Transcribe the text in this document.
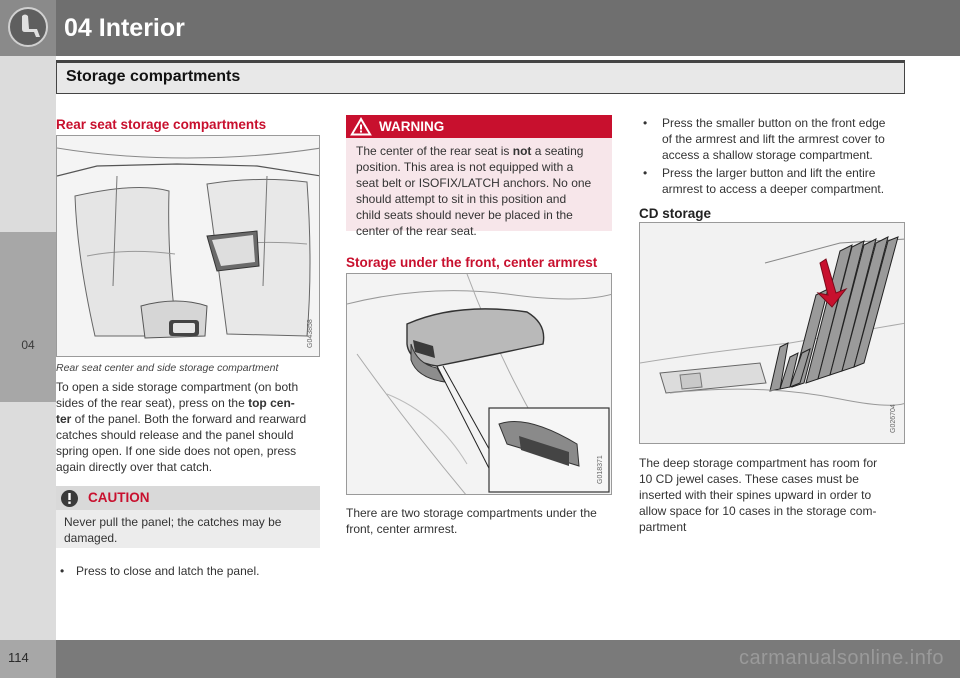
04 Interior
04
Storage compartments
Rear seat storage compartments
G043858
Rear seat center and side storage compartment
To open a side storage compartment (on both
sides of the rear seat), press on the top cen-
ter of the panel. Both the forward and rearward
catches should release and the panel should
spring open. If one side does not open, press
again directly over that catch.
CAUTION
Never pull the panel; the catches may be
damaged.
• Press to close and latch the panel.
WARNING
The center of the rear seat is not a seating
position. This area is not equipped with a
seat belt or ISOFIX/LATCH anchors. No one
should attempt to sit in this position and
child seats should never be placed in the
center of the rear seat.
Storage under the front, center armrest
G018371
There are two storage compartments under the
front, center armrest.
• Press the smaller button on the front edge
of the armrest and lift the armrest cover to
access a shallow storage compartment.
• Press the larger button and lift the entire
armrest to access a deeper compartment.
CD storage
G026704
The deep storage compartment has room for
10 CD jewel cases. These cases must be
inserted with their spines upward in order to
allow space for 10 cases in the storage com-
partment
114	carmanualsonline.info
